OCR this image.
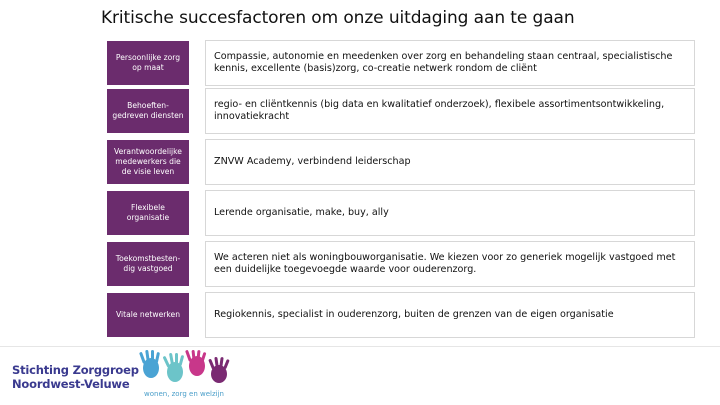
Kritische succesfactoren om onze uitdaging aan te gaan
Persoonlijke zorg
op maat
Compassie, autonomie en meedenken over zorg en behandeling staan centraal, specialistische kennis, excellente (basis)zorg, co-creatie netwerk rondom de cliënt
Behoeften-
gedreven diensten
regio- en cliëntkennis (big data en kwalitatief onderzoek), flexibele assortimentsontwikkeling, innovatiekracht
Verantwoordelijke
medewerkers die
de visie leven
ZNVW Academy, verbindend leiderschap
Flexibele
organisatie	Lerende organisatie, make, buy, ally
Toekomstbesten-
dig vastgoed
We acteren niet als woningbouworganisatie. We kiezen voor zo generiek mogelijk vastgoed met een duidelijke toegevoegde waarde voor ouderenzorg.
Vitale netwerken	Regiokennis, specialist in ouderenzorg, buiten de grenzen van de eigen organisatie
Stichting Zorggroep
Noordwest-Veluwe
wonen, zorg en welzijn
